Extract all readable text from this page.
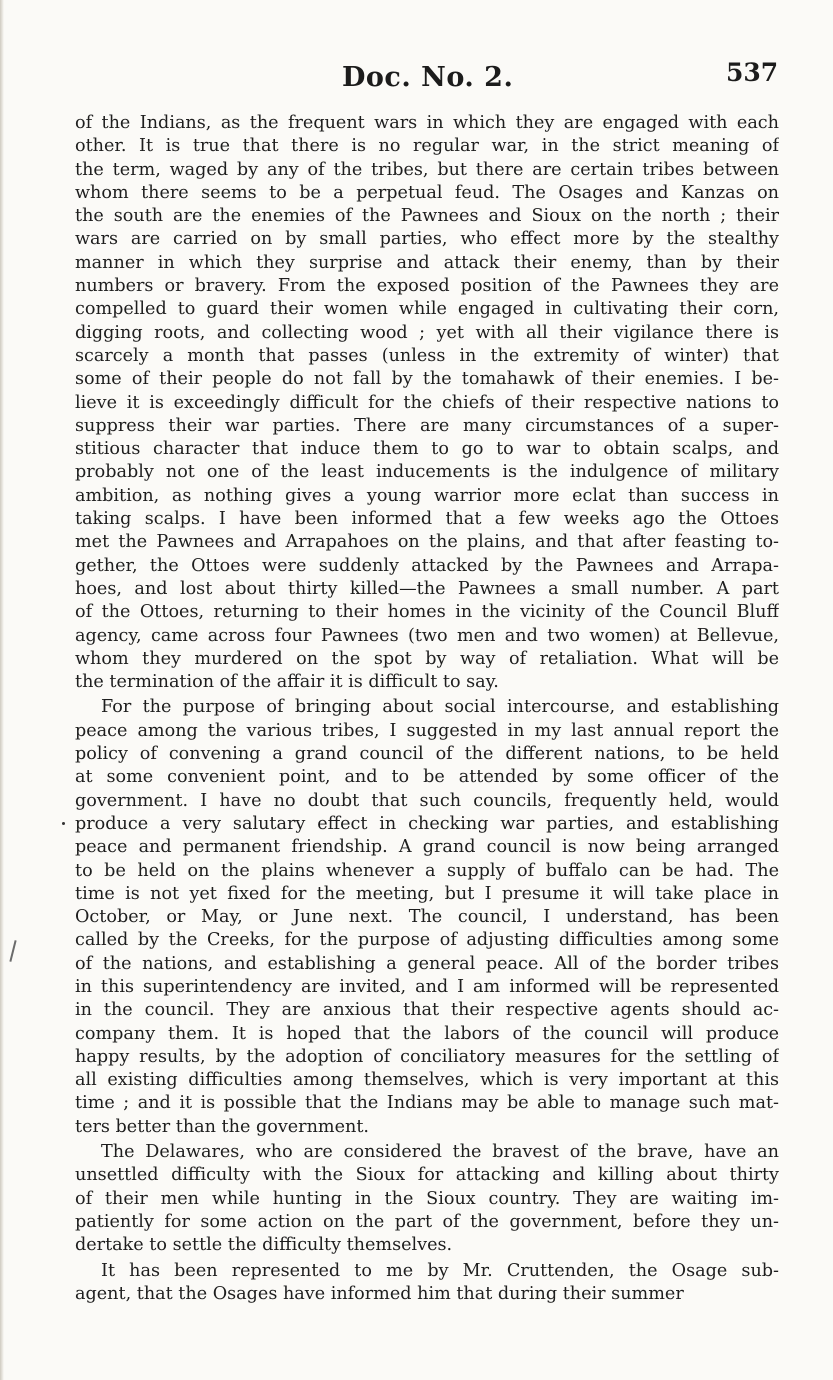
Doc. No. 2.	537
of the Indians, as the frequent wars in which they are engaged with each
other. It is true that there is no regular war, in the strict meaning of
the term, waged by any of the tribes, but there are certain tribes between
whom there seems to be a perpetual feud. The Osages and Kanzas on
the south are the enemies of the Pawnees and Sioux on the north ; their
wars are carried on by small parties, who effect more by the stealthy
manner in which they surprise and attack their enemy, than by their
numbers or bravery. From the exposed position of the Pawnees they are
compelled to guard their women while engaged in cultivating their corn,
digging roots, and collecting wood ; yet with all their vigilance there is
scarcely a month that passes (unless in the extremity of winter) that
some of their people do not fall by the tomahawk of their enemies. I be-
lieve it is exceedingly difficult for the chiefs of their respective nations to
suppress their war parties. There are many circumstances of a super-
stitious character that induce them to go to war to obtain scalps, and
probably not one of the least inducements is the indulgence of military
ambition, as nothing gives a young warrior more eclat than success in
taking scalps. I have been informed that a few weeks ago the Ottoes
met the Pawnees and Arrapahoes on the plains, and that after feasting to-
gether, the Ottoes were suddenly attacked by the Pawnees and Arrapa-
hoes, and lost about thirty killed—the Pawnees a small number. A part
of the Ottoes, returning to their homes in the vicinity of the Council Bluff
agency, came across four Pawnees (two men and two women) at Bellevue,
whom they murdered on the spot by way of retaliation. What will be
the termination of the affair it is difficult to say.
For the purpose of bringing about social intercourse, and establishing
peace among the various tribes, I suggested in my last annual report the
policy of convening a grand council of the different nations, to be held
at some convenient point, and to be attended by some officer of the
government. I have no doubt that such councils, frequently held, would
produce a very salutary effect in checking war parties, and establishing
peace and permanent friendship. A grand council is now being arranged
to be held on the plains whenever a supply of buffalo can be had. The
time is not yet fixed for the meeting, but I presume it will take place in
October, or May, or June next. The council, I understand, has been
called by the Creeks, for the purpose of adjusting difficulties among some
of the nations, and establishing a general peace. All of the border tribes
in this superintendency are invited, and I am informed will be represented
in the council. They are anxious that their respective agents should ac-
company them. It is hoped that the labors of the council will produce
happy results, by the adoption of conciliatory measures for the settling of
all existing difficulties among themselves, which is very important at this
time ; and it is possible that the Indians may be able to manage such mat-
ters better than the government.
The Delawares, who are considered the bravest of the brave, have an
unsettled difficulty with the Sioux for attacking and killing about thirty
of their men while hunting in the Sioux country. They are waiting im-
patiently for some action on the part of the government, before they un-
dertake to settle the difficulty themselves.
It has been represented to me by Mr. Cruttenden, the Osage sub-
agent, that the Osages have informed him that during their summer
